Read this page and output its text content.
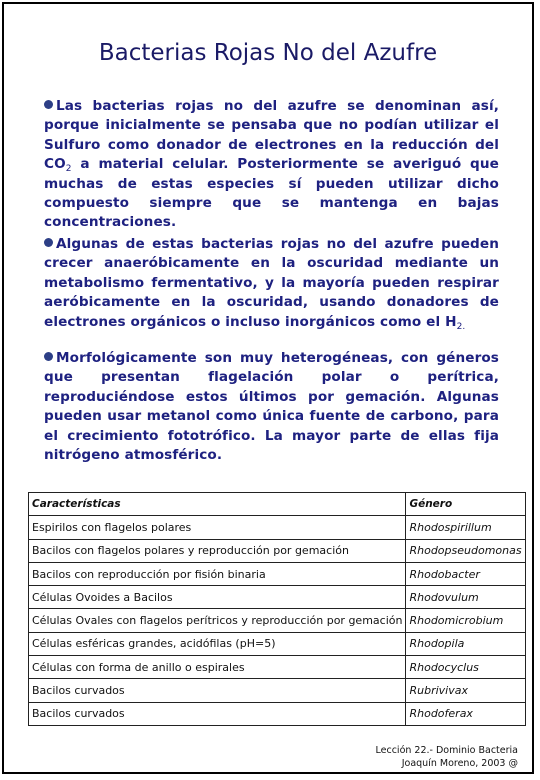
Bacterias Rojas No del Azufre

Las bacterias rojas no del azufre se denominan así, porque inicialmente se pensaba que no podían utilizar el Sulfuro como donador de electrones en la reducción del $CO_2$ a material celular. Posteriormente se averiguó que muchas de estas especies sí pueden utilizar dicho compuesto siempre que se mantenga en bajas concentraciones.

Algunas de estas bacterias rojas no del azufre pueden crecer anaeróbicamente en la oscuridad mediante un metabolismo fermentativo, y la mayoría pueden respirar aeróbicamente en la oscuridad, usando donadores de electrones orgánicos o incluso inorgánicos como el $H_{2.}$

Morfológicamente son muy heterogéneas, con géneros que presentan flagelación polar o perítrica, reproduciéndose estos últimos por gemación. Algunas pueden usar metanol como única fuente de carbono, para el crecimiento fototrófico. La mayor parte de ellas fija nitrógeno atmosférico.

Características	Género
Espirilos con flagelos polares	Rhodospirillum
Bacilos con flagelos polares y reproducción por gemación	Rhodopseudomonas
Bacilos con reproducción por fisión binaria	Rhodobacter
Células Ovoides a Bacilos	Rhodovulum
Células Ovales con flagelos perítricos y reproducción por gemación	Rhodomicrobium
Células esféricas grandes, acidófilas (pH=5)	Rhodopila
Células con forma de anillo o espirales	Rhodocyclus
Bacilos curvados	Rubrivivax
Bacilos curvados	Rhodoferax
Lección 22.- Dominio Bacteria
Joaquín Moreno, 2003 @
